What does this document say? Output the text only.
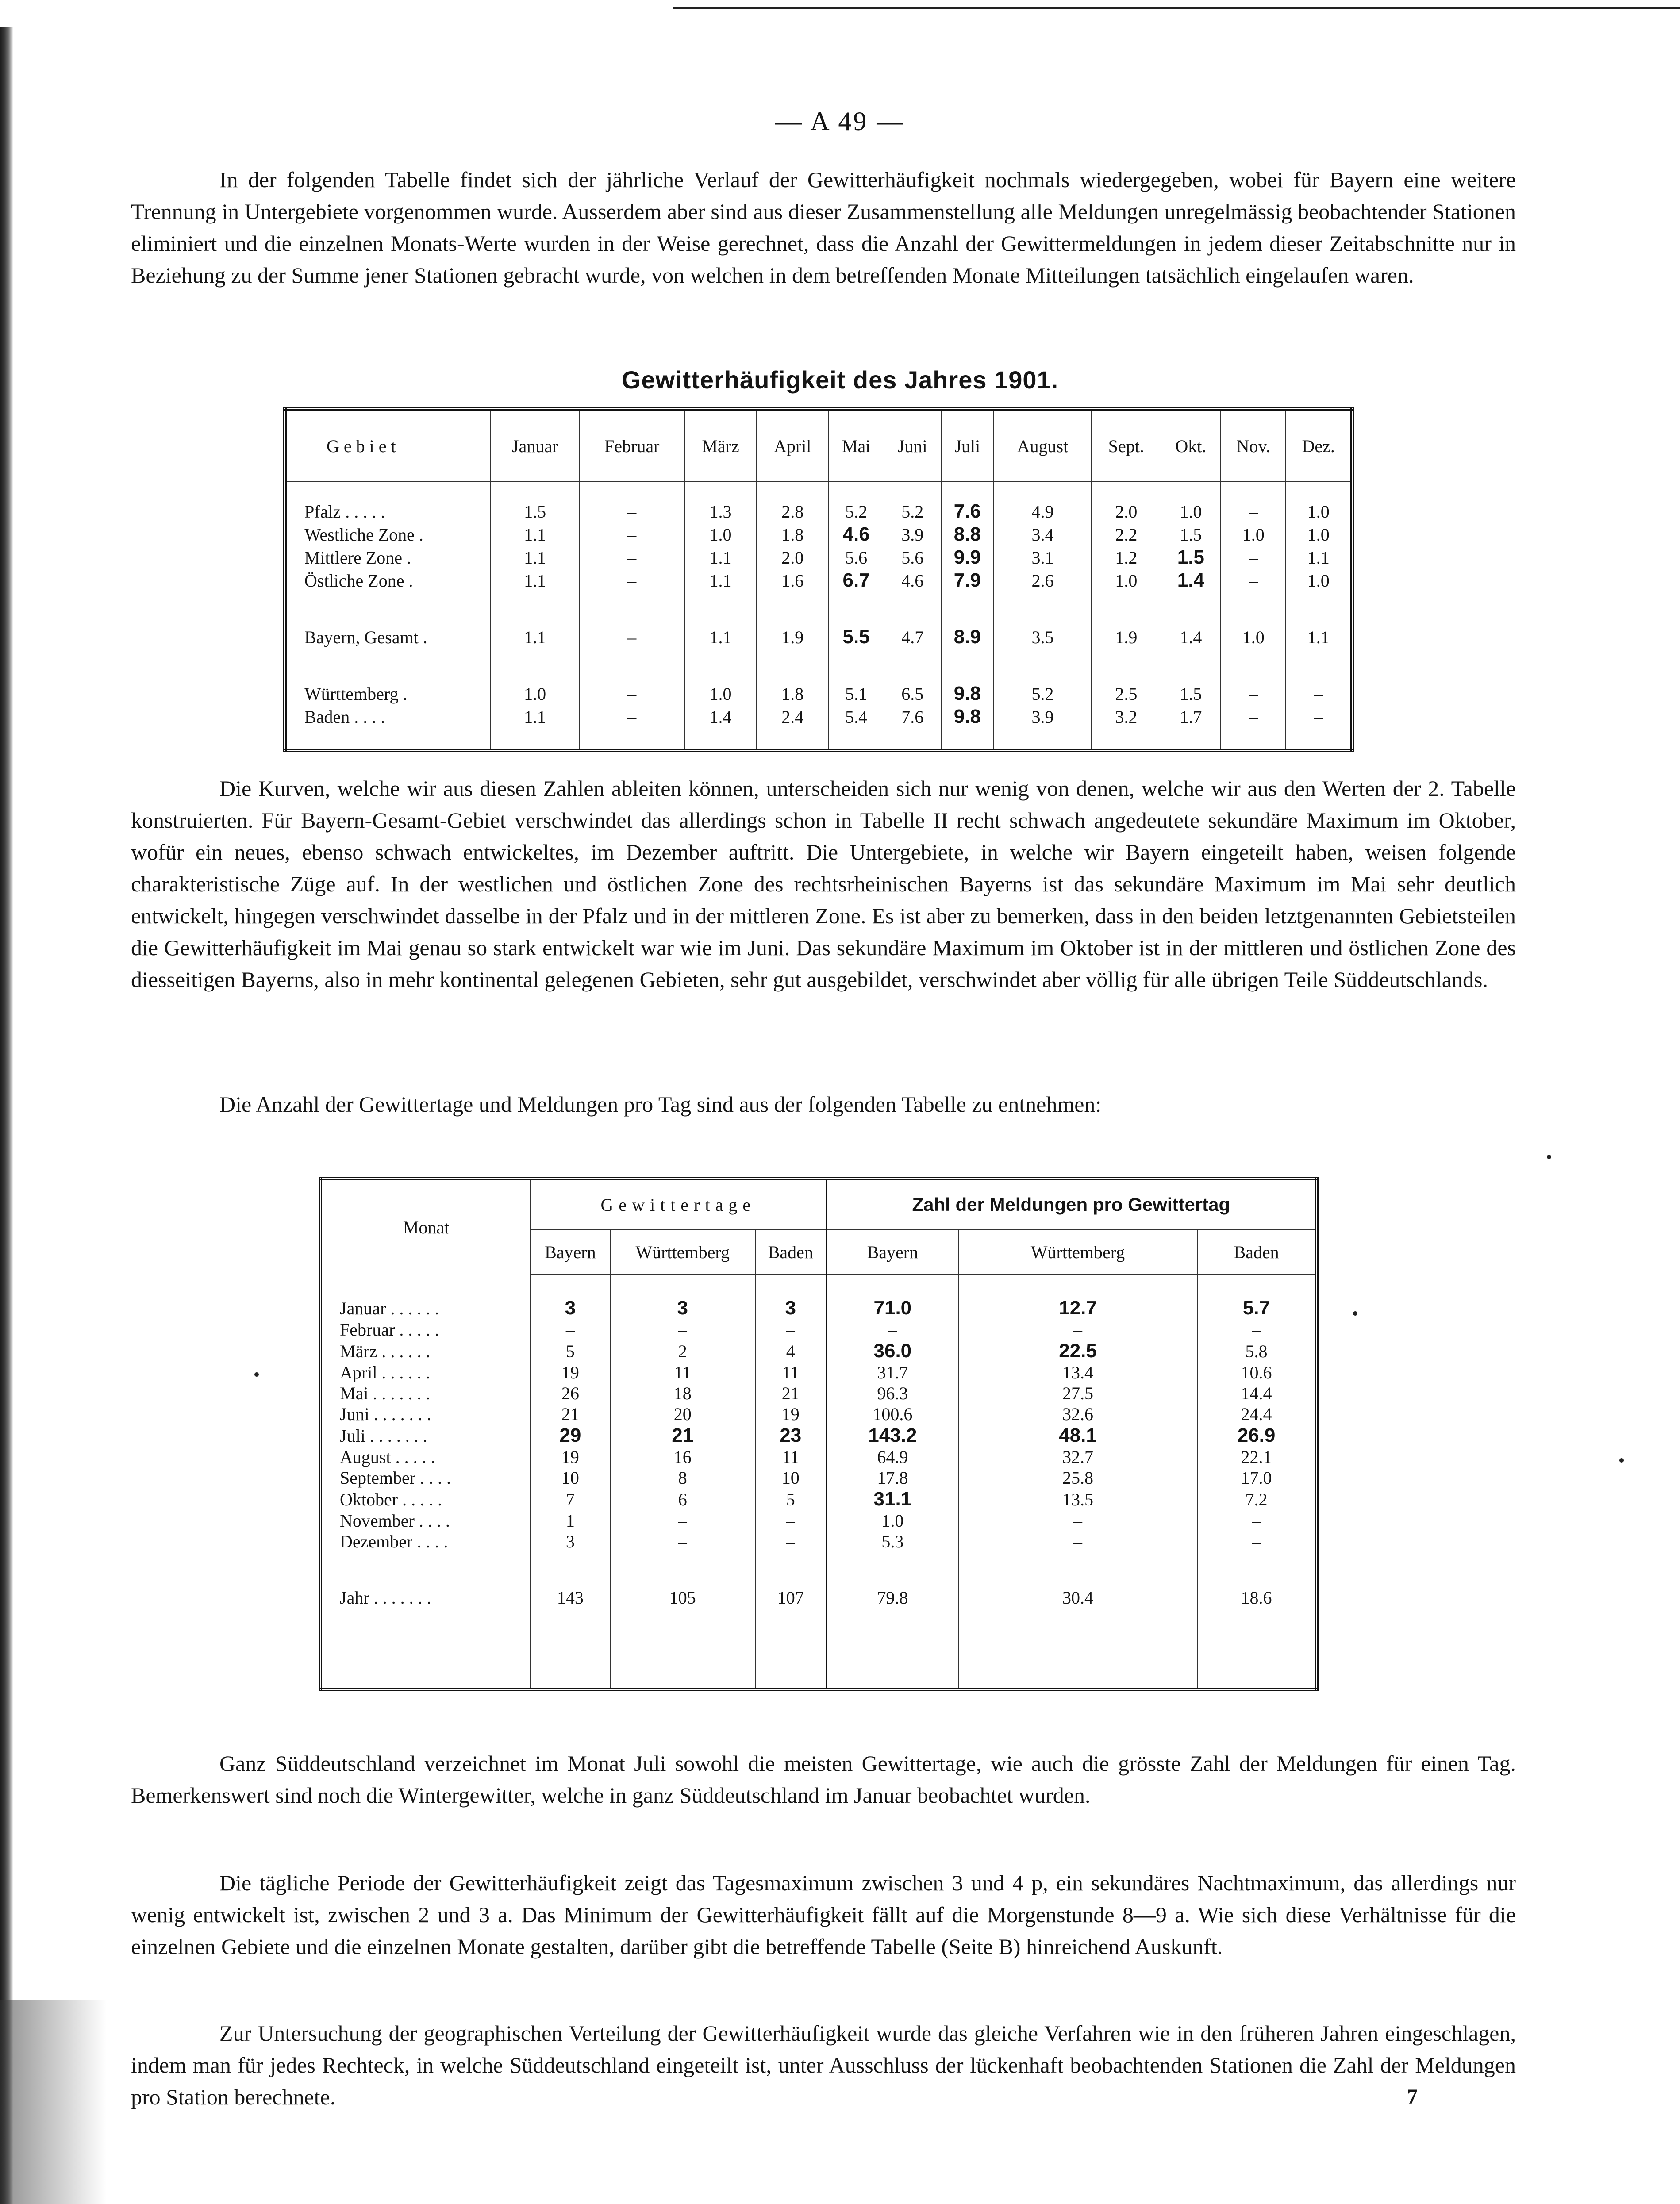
— A 49 —

In der folgenden Tabelle findet sich der jährliche Verlauf der Gewitterhäufigkeit nochmals wiedergegeben, wobei für Bayern eine weitere Trennung in Untergebiete vorgenommen wurde. Ausserdem aber sind aus dieser Zusammenstellung alle Meldungen unregelmässig beobachtender Stationen eliminiert und die einzelnen Monats-Werte wurden in der Weise gerechnet, dass die Anzahl der Gewittermeldungen in jedem dieser Zeitabschnitte nur in Beziehung zu der Summe jener Stationen gebracht wurde, von welchen in dem betreffenden Monate Mitteilungen tatsächlich eingelaufen waren.

Gewitterhäufigkeit des Jahres 1901.
Gebiet	Januar	Februar	März	April	Mai	Juni	Juli	August	Sept.	Okt.	Nov.	Dez.

Pfalz . . . . .	1.5	–	1.3	2.8	5.2	5.2	7.6	4.9	2.0	1.0	–	1.0
Westliche Zone .	1.1	–	1.0	1.8	4.6	3.9	8.8	3.4	2.2	1.5	1.0	1.0
Mittlere Zone .	1.1	–	1.1	2.0	5.6	5.6	9.9	3.1	1.2	1.5	–	1.1
Östliche Zone .	1.1	–	1.1	1.6	6.7	4.6	7.9	2.6	1.0	1.4	–	1.0

Bayern, Gesamt .	1.1	–	1.1	1.9	5.5	4.7	8.9	3.5	1.9	1.4	1.0	1.1

Württemberg .	1.0	–	1.0	1.8	5.1	6.5	9.8	5.2	2.5	1.5	–	–
Baden . . . .	1.1	–	1.4	2.4	5.4	7.6	9.8	3.9	3.2	1.7	–	–

Die Kurven, welche wir aus diesen Zahlen ableiten können, unterscheiden sich nur wenig von denen, welche wir aus den Werten der 2. Tabelle konstruierten. Für Bayern-Gesamt-Gebiet verschwindet das allerdings schon in Tabelle II recht schwach angedeutete sekundäre Maximum im Oktober, wofür ein neues, ebenso schwach entwickeltes, im Dezember auftritt. Die Untergebiete, in welche wir Bayern eingeteilt haben, weisen folgende charakteristische Züge auf. In der westlichen und östlichen Zone des rechtsrheinischen Bayerns ist das sekundäre Maximum im Mai sehr deutlich entwickelt, hingegen verschwindet dasselbe in der Pfalz und in der mittleren Zone. Es ist aber zu bemerken, dass in den beiden letztgenannten Gebietsteilen die Gewitterhäufigkeit im Mai genau so stark entwickelt war wie im Juni. Das sekundäre Maximum im Oktober ist in der mittleren und östlichen Zone des diesseitigen Bayerns, also in mehr kontinental gelegenen Gebieten, sehr gut ausgebildet, verschwindet aber völlig für alle übrigen Teile Süddeutschlands.

Die Anzahl der Gewittertage und Meldungen pro Tag sind aus der folgenden Tabelle zu entnehmen:

Monat	Gewittertage			Zahl der Meldungen pro Gewittertag		
	Bayern	Württemberg	Baden	Bayern	Württemberg	Baden

Januar . . . . . .	3	3	3	71.0	12.7	5.7
Februar . . . . .	–	–	–	–	–	–
März . . . . . .	5	2	4	36.0	22.5	5.8
April . . . . . .	19	11	11	31.7	13.4	10.6
Mai . . . . . . .	26	18	21	96.3	27.5	14.4
Juni . . . . . . .	21	20	19	100.6	32.6	24.4
Juli . . . . . . .	29	21	23	143.2	48.1	26.9
August . . . . .	19	16	11	64.9	32.7	22.1
September . . . .	10	8	10	17.8	25.8	17.0
Oktober . . . . .	7	6	5	31.1	13.5	7.2
November . . . .	1	–	–	1.0	–	–
Dezember . . . .	3	–	–	5.3	–	–

Jahr . . . . . . .	143	105	107	79.8	30.4	18.6

Ganz Süddeutschland verzeichnet im Monat Juli sowohl die meisten Gewittertage, wie auch die grösste Zahl der Meldungen für einen Tag. Bemerkenswert sind noch die Wintergewitter, welche in ganz Süddeutschland im Januar beobachtet wurden.

Die tägliche Periode der Gewitterhäufigkeit zeigt das Tagesmaximum zwischen 3 und 4 p, ein sekundäres Nachtmaximum, das allerdings nur wenig entwickelt ist, zwischen 2 und 3 a. Das Minimum der Gewitterhäufigkeit fällt auf die Morgenstunde 8—9 a. Wie sich diese Verhältnisse für die einzelnen Gebiete und die einzelnen Monate gestalten, darüber gibt die betreffende Tabelle (Seite B) hinreichend Auskunft.

Zur Untersuchung der geographischen Verteilung der Gewitterhäufigkeit wurde das gleiche Verfahren wie in den früheren Jahren eingeschlagen, indem man für jedes Rechteck, in welche Süddeutschland eingeteilt ist, unter Ausschluss der lückenhaft beobachtenden Stationen die Zahl der Meldungen pro Station berechnete.	7
